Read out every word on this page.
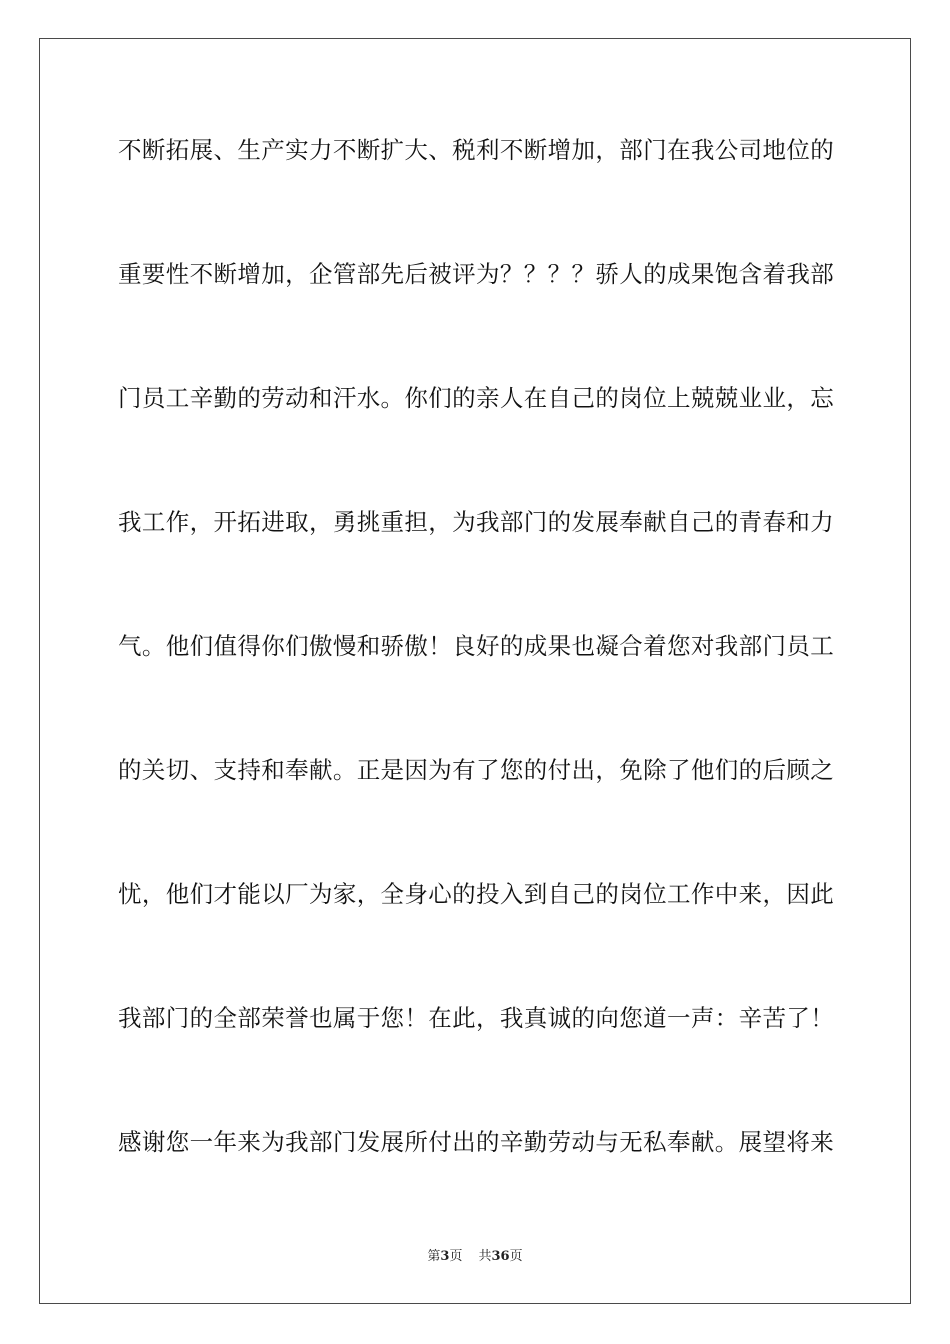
不断拓展、生产实力不断扩大、税利不断增加，部门在我公司地位的
重要性不断增加，企管部先后被评为？？？？骄人的成果饱含着我部
门员工辛勤的劳动和汗水。你们的亲人在自己的岗位上兢兢业业，忘
我工作，开拓进取，勇挑重担，为我部门的发展奉献自己的青春和力
气。他们值得你们傲慢和骄傲！良好的成果也凝合着您对我部门员工
的关切、支持和奉献。正是因为有了您的付出，免除了他们的后顾之
忧，他们才能以厂为家，全身心的投入到自己的岗位工作中来，因此
我部门的全部荣誉也属于您！在此，我真诚的向您道一声：辛苦了！
感谢您一年来为我部门发展所付出的辛勤劳动与无私奉献。展望将来
第3页 共36页
